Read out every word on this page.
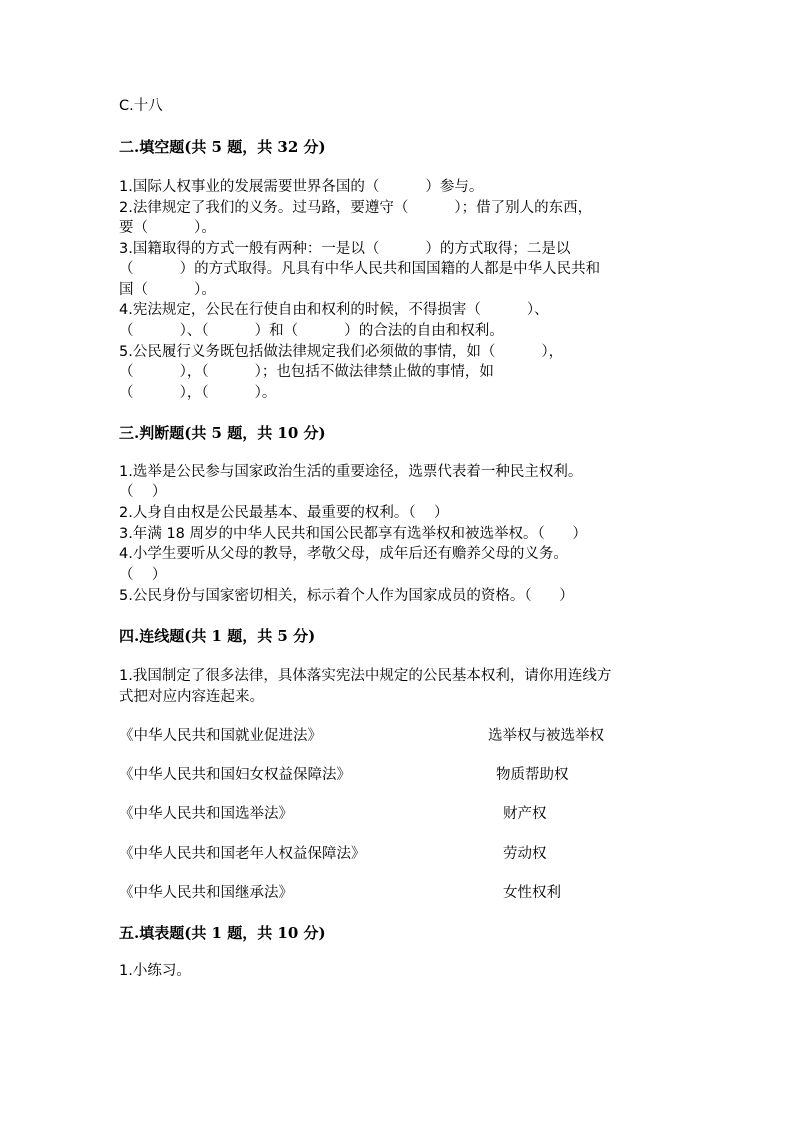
C.十八
二.填空题(共 5 题，共 32 分)
1.国际人权事业的发展需要世界各国的（          ）参与。
2.法律规定了我们的义务。过马路，要遵守（          ）；借了别人的东西，
要（          ）。
3.国籍取得的方式一般有两种：一是以（          ）的方式取得；二是以
（          ）的方式取得。凡具有中华人民共和国国籍的人都是中华人民共和
国（          ）。
4.宪法规定，公民在行使自由和权利的时候，不得损害（          ）、
（          ）、（          ）和（          ）的合法的自由和权利。
5.公民履行义务既包括做法律规定我们必须做的事情，如（          ），
（          ），（          ）；也包括不做法律禁止做的事情，如
（          ），（          ）。
三.判断题(共 5 题，共 10 分)
1.选举是公民参与国家政治生活的重要途径，选票代表着一种民主权利。
（    ）
2.人身自由权是公民最基本、最重要的权利。（    ）
3.年满 18 周岁的中华人民共和国公民都享有选举权和被选举权。（      ）
4.小学生要听从父母的教导，孝敬父母，成年后还有赡养父母的义务。
（    ）
5.公民身份与国家密切相关，标示着个人作为国家成员的资格。（      ）
四.连线题(共 1 题，共 5 分)
1.我国制定了很多法律，具体落实宪法中规定的公民基本权利，请你用连线方
式把对应内容连起来。
《中华人民共和国就业促进法》	选举权与被选举权
《中华人民共和国妇女权益保障法》	物质帮助权
《中华人民共和国选举法》	财产权
《中华人民共和国老年人权益保障法》	劳动权
《中华人民共和国继承法》	女性权利
五.填表题(共 1 题，共 10 分)
1.小练习。
